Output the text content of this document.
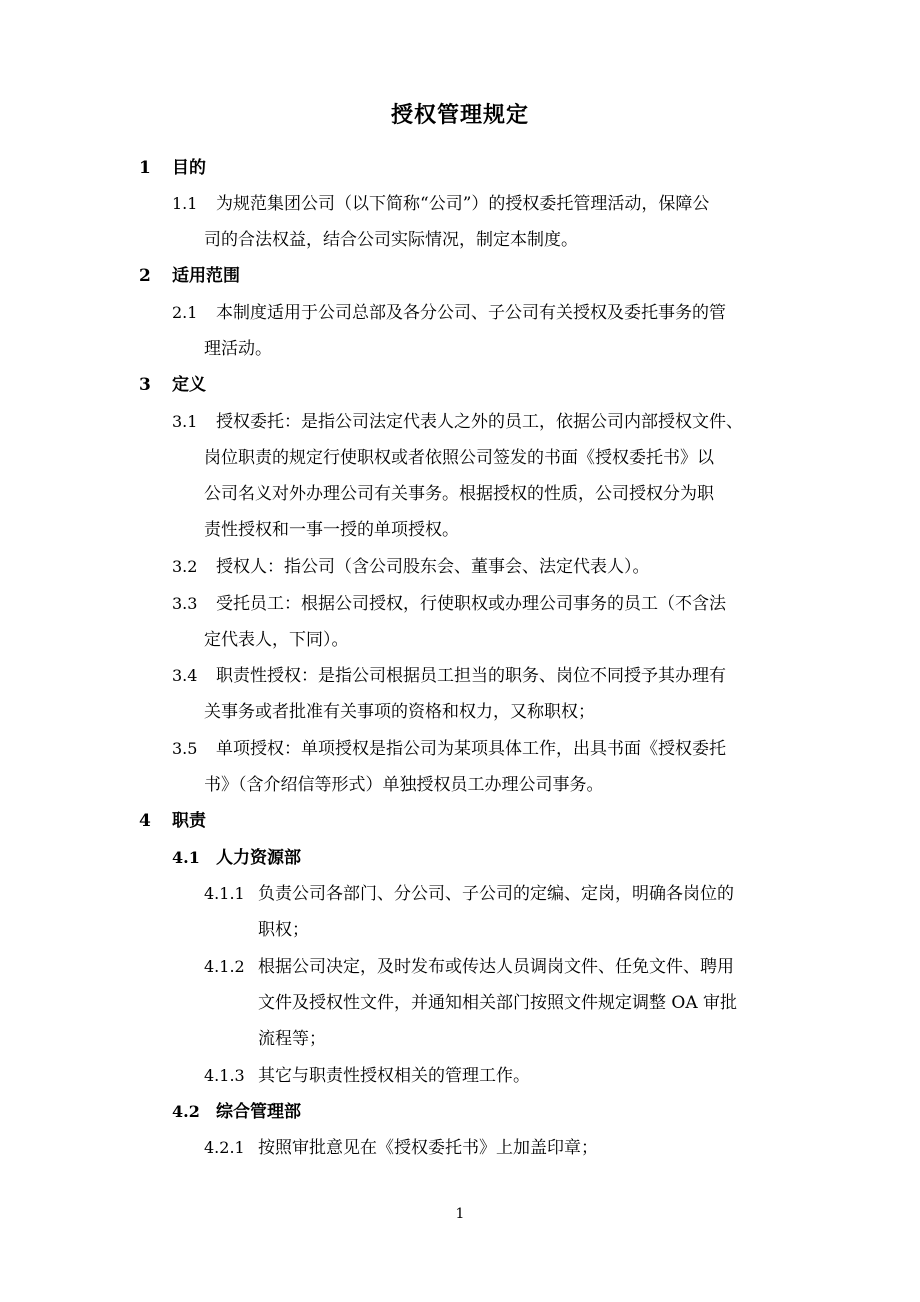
授权管理规定
1 目的
1.1 为规范集团公司（以下简称“公司”）的授权委托管理活动，保障公
司的合法权益，结合公司实际情况，制定本制度。
2 适用范围
2.1 本制度适用于公司总部及各分公司、子公司有关授权及委托事务的管
理活动。
3 定义
3.1 授权委托：是指公司法定代表人之外的员工，依据公司内部授权文件、
岗位职责的规定行使职权或者依照公司签发的书面《授权委托书》以
公司名义对外办理公司有关事务。根据授权的性质，公司授权分为职
责性授权和一事一授的单项授权。
3.2 授权人：指公司（含公司股东会、董事会、法定代表人）。
3.3 受托员工：根据公司授权，行使职权或办理公司事务的员工（不含法
定代表人，下同）。
3.4 职责性授权：是指公司根据员工担当的职务、岗位不同授予其办理有
关事务或者批准有关事项的资格和权力，又称职权；
3.5 单项授权：单项授权是指公司为某项具体工作，出具书面《授权委托
书》（含介绍信等形式）单独授权员工办理公司事务。
4 职责
4.1 人力资源部
4.1.1 负责公司各部门、分公司、子公司的定编、定岗，明确各岗位的
职权；
4.1.2 根据公司决定，及时发布或传达人员调岗文件、任免文件、聘用
文件及授权性文件，并通知相关部门按照文件规定调整 OA 审批
流程等；
4.1.3 其它与职责性授权相关的管理工作。
4.2 综合管理部
4.2.1 按照审批意见在《授权委托书》上加盖印章；
1
